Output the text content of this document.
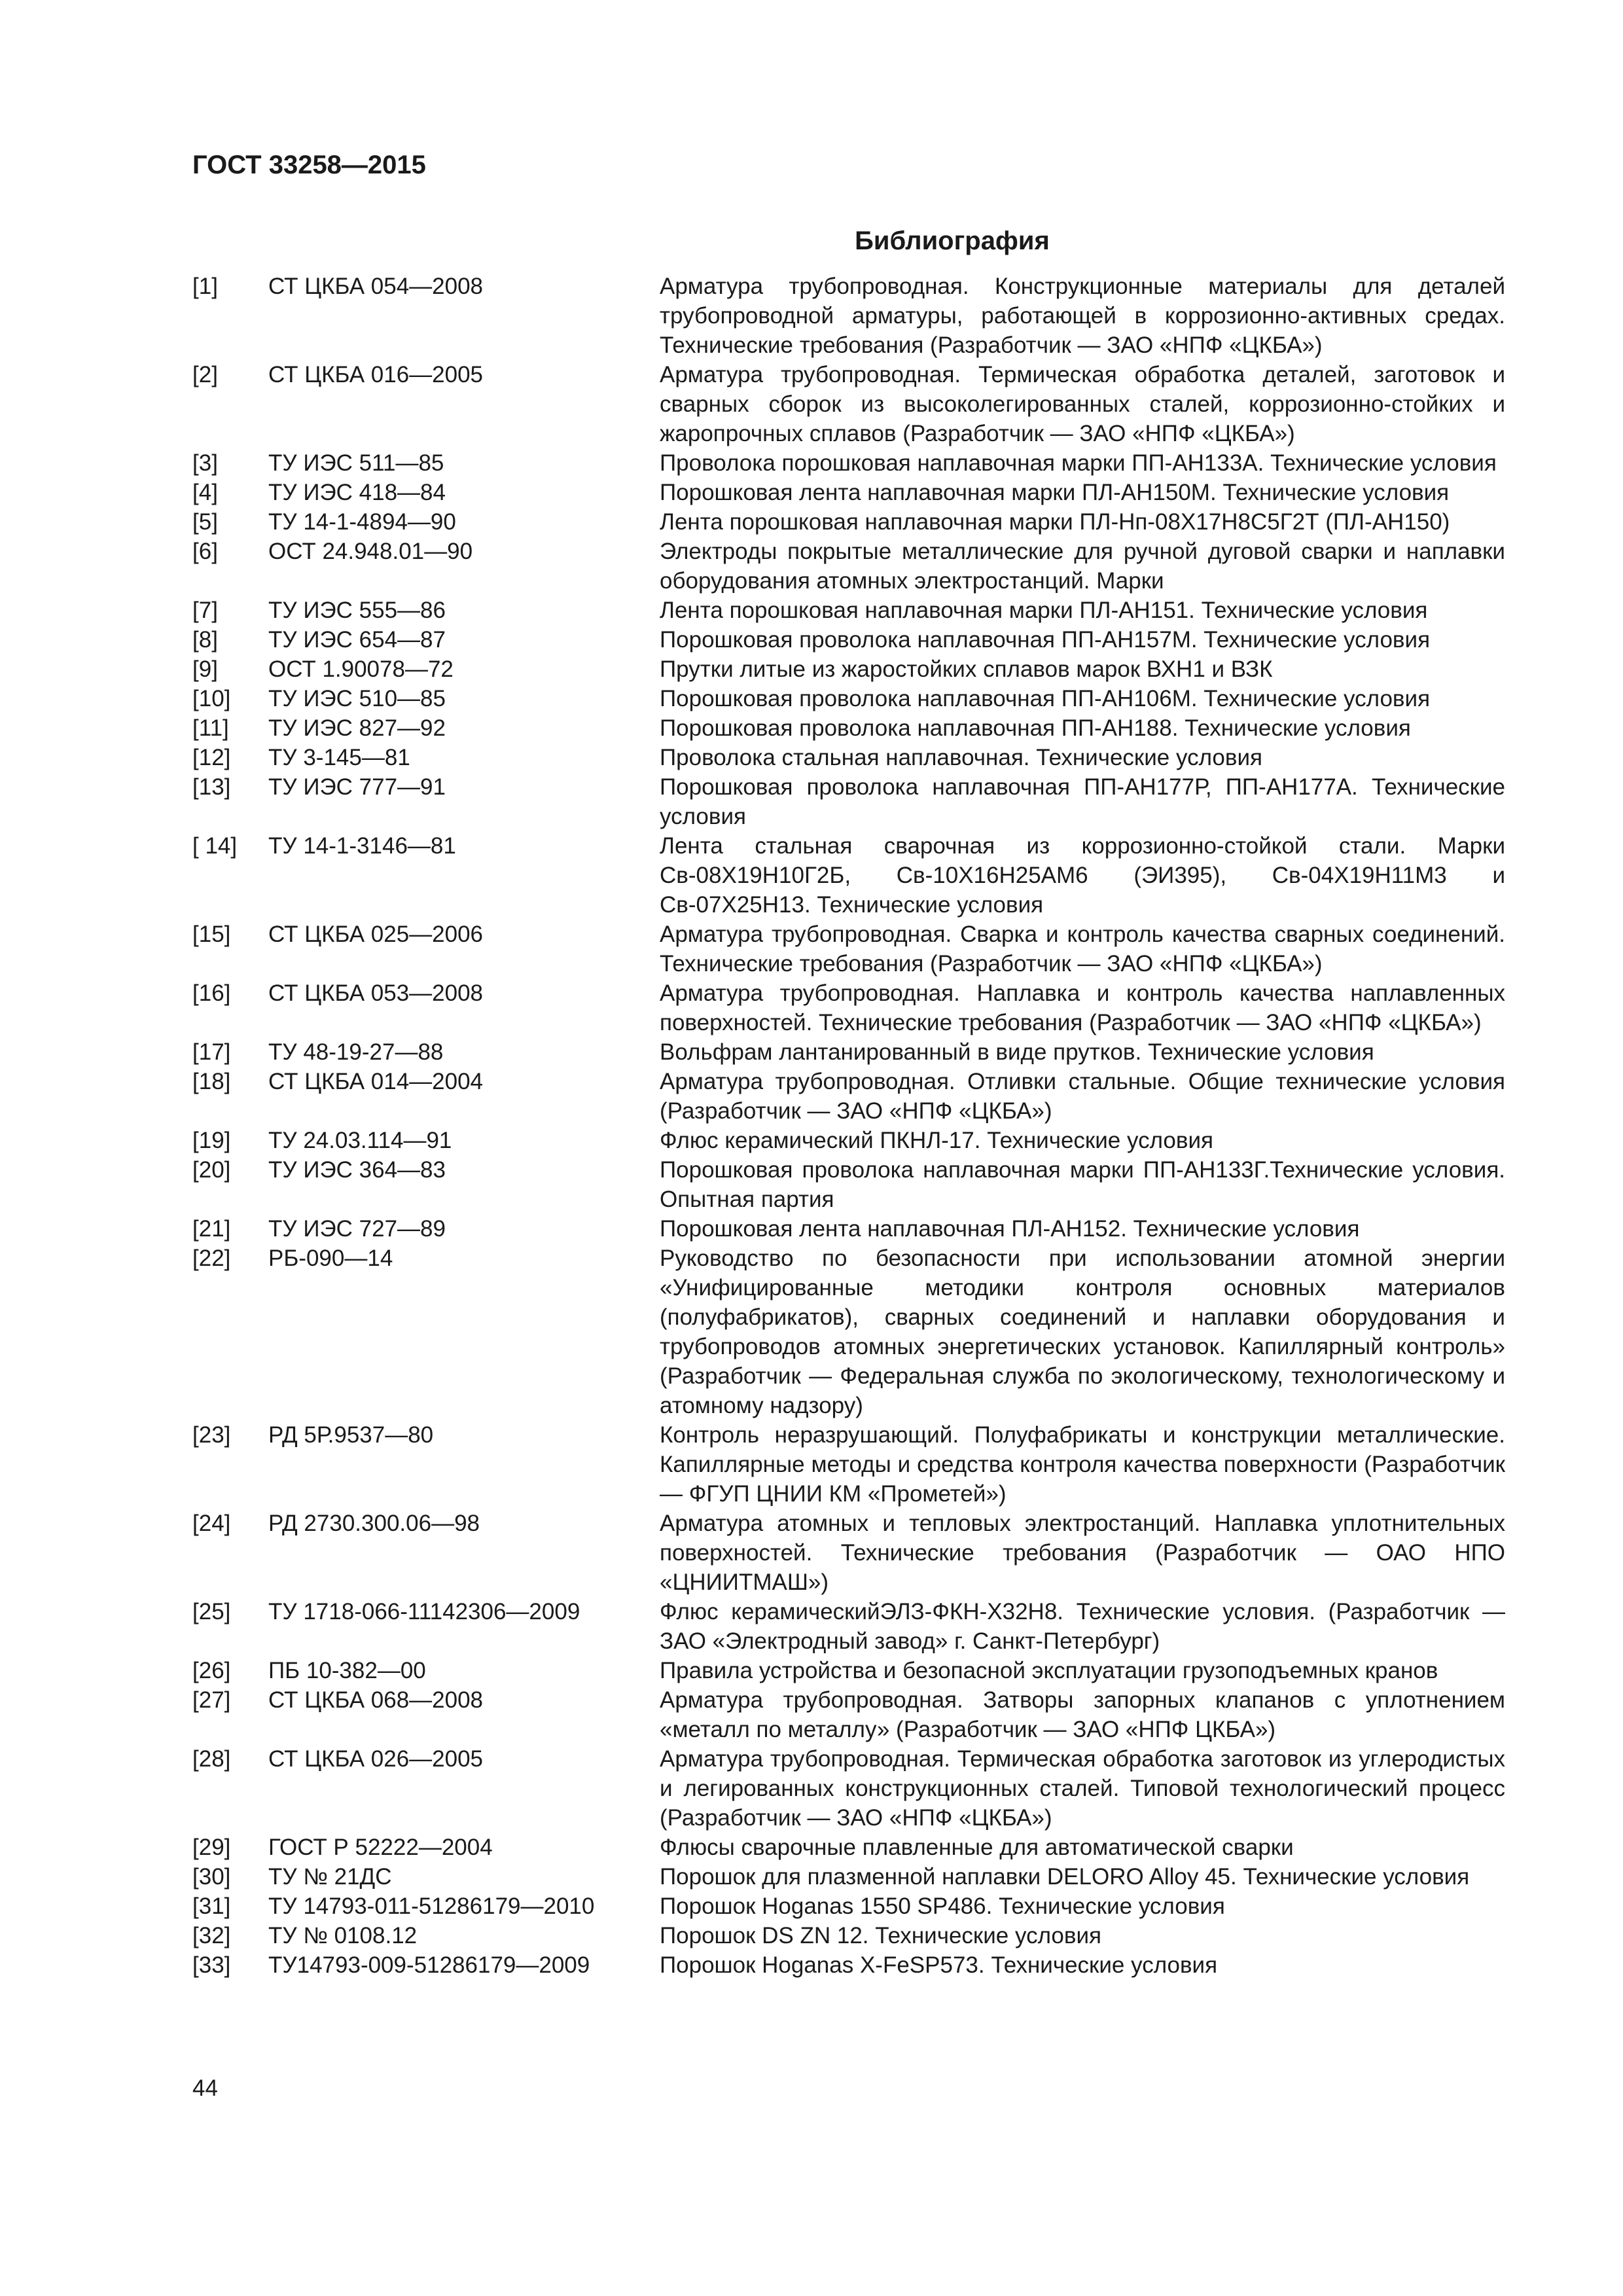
ГОСТ 33258—2015
Библиография
[1]	СТ ЦКБА 054—2008	Арматура трубопроводная. Конструкционные материалы для деталей трубопроводной арматуры, работающей в коррозионно-активных средах. Технические требования (Разработчик — ЗАО «НПФ «ЦКБА»)
[2]	СТ ЦКБА 016—2005	Арматура трубопроводная. Термическая обработка деталей, заготовок и сварных сборок из высоколегированных сталей, коррозионно-стойких и жаропрочных сплавов (Разработчик — ЗАО «НПФ «ЦКБА»)
[3]	ТУ ИЭС 511—85	Проволока порошковая наплавочная марки ПП-АН133А. Технические условия
[4]	ТУ ИЭС 418—84	Порошковая лента наплавочная марки ПЛ-АН150М. Технические условия
[5]	ТУ 14-1-4894—90	Лента порошковая наплавочная марки ПЛ-Нп-08Х17Н8С5Г2Т (ПЛ-АН150)
[6]	ОСТ 24.948.01—90	Электроды покрытые металлические для ручной дуговой сварки и наплавки оборудования атомных электростанций. Марки
[7]	ТУ ИЭС 555—86	Лента порошковая наплавочная марки ПЛ-АН151. Технические условия
[8]	ТУ ИЭС 654—87	Порошковая проволока наплавочная ПП-АН157М. Технические условия
[9]	ОСТ 1.90078—72	Прутки литые из жаростойких сплавов марок ВХН1 и ВЗК
[10]	ТУ ИЭС 510—85	Порошковая проволока наплавочная ПП-АН106М. Технические условия
[11]	ТУ ИЭС 827—92	Порошковая проволока наплавочная ПП-АН188. Технические условия
[12]	ТУ 3-145—81	Проволока стальная наплавочная. Технические условия
[13]	ТУ ИЭС 777—91	Порошковая проволока наплавочная ПП-АН177Р, ПП-АН177А. Технические условия
[ 14]	ТУ 14-1-3146—81	Лента стальная сварочная из коррозионно-стойкой стали. Марки Св-08Х19Н10Г2Б, Св-10Х16Н25АМ6 (ЭИ395), Св-04Х19Н11М3 и Св-07Х25Н13. Технические условия
[15]	СТ ЦКБА 025—2006	Арматура трубопроводная. Сварка и контроль качества сварных соединений. Технические требования (Разработчик — ЗАО «НПФ «ЦКБА»)
[16]	СТ ЦКБА 053—2008	Арматура трубопроводная. Наплавка и контроль качества наплавленных поверхностей. Технические требования (Разработчик — ЗАО «НПФ «ЦКБА»)
[17]	ТУ 48-19-27—88	Вольфрам лантанированный в виде прутков. Технические условия
[18]	СТ ЦКБА 014—2004	Арматура трубопроводная. Отливки стальные. Общие технические условия (Разработчик — ЗАО «НПФ «ЦКБА»)
[19]	ТУ 24.03.114—91	Флюс керамический ПКНЛ-17. Технические условия
[20]	ТУ ИЭС 364—83	Порошковая проволока наплавочная марки ПП-АН133Г.Технические условия. Опытная партия
[21]	ТУ ИЭС 727—89	Порошковая лента наплавочная ПЛ-АН152. Технические условия
[22]	РБ-090—14	Руководство по безопасности при использовании атомной энергии «Унифицированные методики контроля основных материалов (полуфабрикатов), сварных соединений и наплавки оборудования и трубопроводов атомных энергетических установок. Капиллярный контроль» (Разработчик — Федеральная служба по экологическому, технологическому и атомному надзору)
[23]	РД 5Р.9537—80	Контроль неразрушающий. Полуфабрикаты и конструкции металлические. Капиллярные методы и средства контроля качества поверхности (Разработчик — ФГУП ЦНИИ КМ «Прометей»)
[24]	РД 2730.300.06—98	Арматура атомных и тепловых электростанций. Наплавка уплотнительных поверхностей. Технические требования (Разработчик — ОАО НПО «ЦНИИТМАШ»)
[25]	ТУ 1718-066-11142306—2009	Флюс керамическийЭЛЗ-ФКН-Х32Н8. Технические условия. (Разработчик — ЗАО «Электродный завод» г. Санкт-Петербург)
[26]	ПБ 10-382—00	Правила устройства и безопасной эксплуатации грузоподъемных кранов
[27]	СТ ЦКБА 068—2008	Арматура трубопроводная. Затворы запорных клапанов с уплотнением «металл по металлу» (Разработчик — ЗАО «НПФ ЦКБА»)
[28]	СТ ЦКБА 026—2005	Арматура трубопроводная. Термическая обработка заготовок из углеродистых и легированных конструкционных сталей. Типовой технологический процесс (Разработчик — ЗАО «НПФ «ЦКБА»)
[29]	ГОСТ Р 52222—2004	Флюсы сварочные плавленные для автоматической сварки
[30]	ТУ № 21ДС	Порошок для плазменной наплавки DELORO Alloy 45. Технические условия
[31]	ТУ 14793-011-51286179—2010	Порошок Hoganas 1550 SP486. Технические условия
[32]	ТУ № 0108.12	Порошок DS ZN 12. Технические условия
[33]	ТУ14793-009-51286179—2009	Порошок Hoganas X-FeSP573. Технические условия
44
